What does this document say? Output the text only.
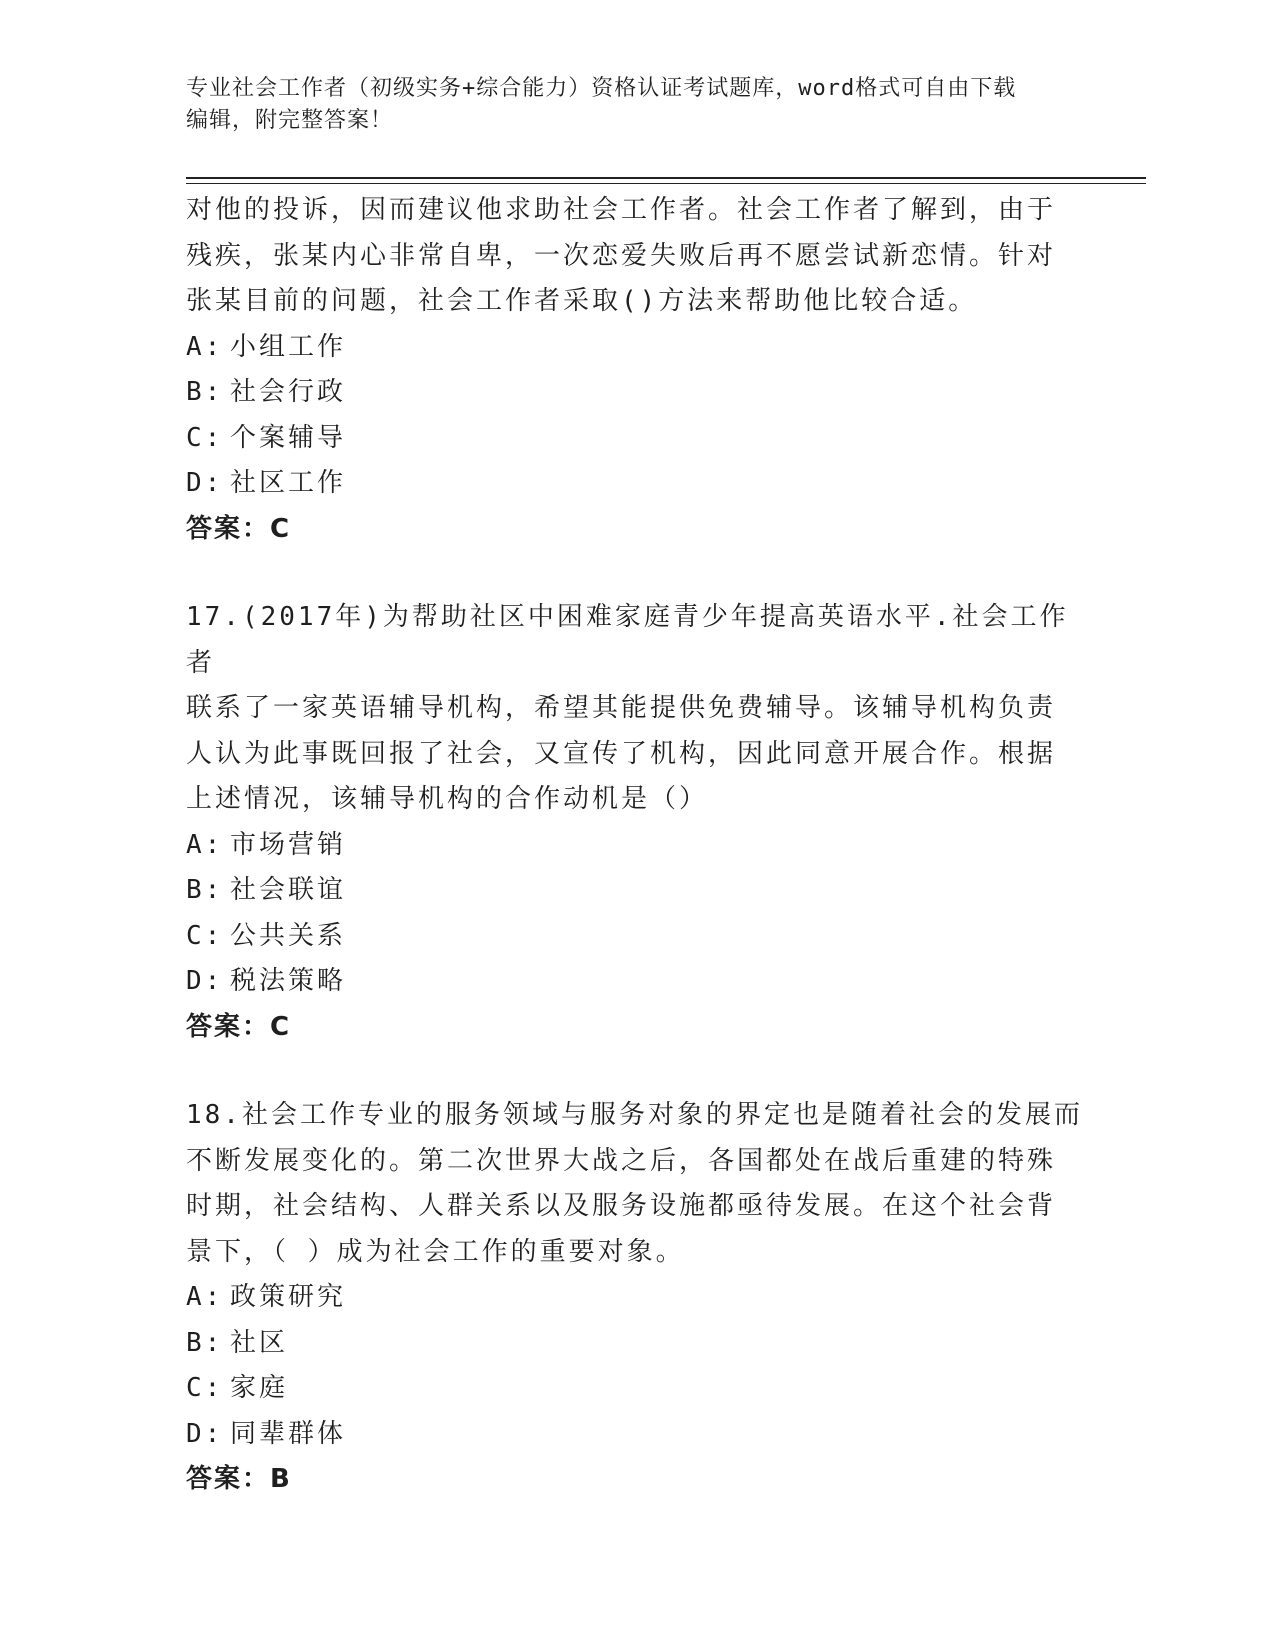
专业社会工作者（初级实务+综合能力）资格认证考试题库，word格式可自由下载
编辑，附完整答案！
对他的投诉，因而建议他求助社会工作者。社会工作者了解到，由于
残疾，张某内心非常自卑，一次恋爱失败后再不愿尝试新恋情。针对
张某目前的问题，社会工作者采取()方法来帮助他比较合适。
A: 小组工作
B: 社会行政
C: 个案辅导
D: 社区工作
答案：C
17.(2017年)为帮助社区中困难家庭青少年提高英语水平.社会工作者
联系了一家英语辅导机构，希望其能提供免费辅导。该辅导机构负责
人认为此事既回报了社会，又宣传了机构，因此同意开展合作。根据
上述情况，该辅导机构的合作动机是（）
A: 市场营销
B: 社会联谊
C: 公共关系
D: 税法策略
答案：C
18.社会工作专业的服务领域与服务对象的界定也是随着社会的发展而
不断发展变化的。第二次世界大战之后，各国都处在战后重建的特殊
时期，社会结构、人群关系以及服务设施都亟待发展。在这个社会背
景下，（ ）成为社会工作的重要对象。
A: 政策研究
B: 社区
C: 家庭
D: 同辈群体
答案：B
